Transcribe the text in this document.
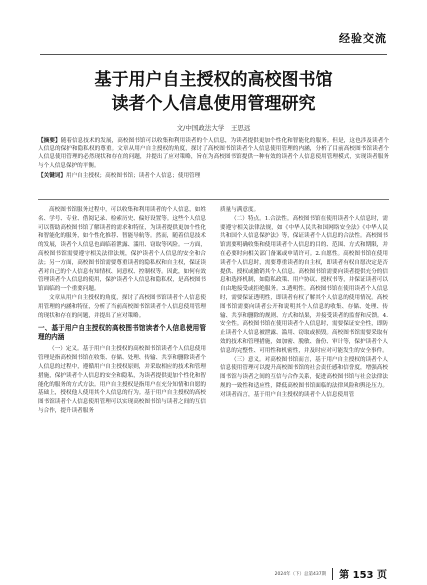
经验交流
基于用户自主授权的高校图书馆
读者个人信息使用管理研究
文/中国政法大学　王思远
【摘要】随着信息技术的发展，高校图书馆可以收集和利用读者的个人信息，为读者提供更加个性化和智能化的服务。但是，这也涉及读者个人信息的保护和隐私权的尊重。文章从用户自主授权的角度，探讨了高校图书馆读者个人信息使用管理的内涵，分析了目前高校图书馆读者个人信息使用管理的必然现状和存在的问题，并提出了应对策略，旨在为高校图书馆提供一种有效的读者个人信息使用管理模式，实现读者服务与个人信息保护的平衡。
【关键词】用户自主授权；高校图书馆；读者个人信息；使用管理

高校图书馆服务过程中，可以收集和利用读者的个人信息，如姓名、学号、专业、借阅记录、检索历史、偏好设置等。这些个人信息可以帮助高校图书馆了解读者的需求和特征，为读者提供更加个性化和智能化的服务，如个性化推荐、智能导航等。然而，随着信息技术的发展，读者个人信息也面临着泄露、滥用、窃取等风险。一方面，高校图书馆需要遵守相关法律法规，保护读者个人信息的安全和合法；另一方面，高校图书馆需要尊重读者的隐私权和自主权，保证读者对自己的个人信息有知情权、同意权、控制权等。因此，如何有效管理读者个人信息的使用，保护读者个人信息和隐私权，是高校图书馆面临的一个重要问题。

文章从用户自主授权的角度，探讨了高校图书馆读者个人信息使用管理的内涵和特征，分析了当前高校图书馆读者个人信息使用管理的现状和存在的问题，并提出了应对策略。

一、基于用户自主授权的高校图书馆读者个人信息使用管理的内涵

（一）定义。基于用户自主授权的高校图书馆读者个人信息使用管理是指高校图书馆在收集、存储、处理、传输、共享和删除读者个人信息的过程中，遵循用户自主授权原则，并采取相应的技术和管理措施，保护读者个人信息的安全和隐私，为读者提供更加个性化和智能化的服务的方式方法。用户自主授权是指用户在充分知情和自愿的基础上，授权他人使用其个人信息的行为。基于用户自主授权的高校图书馆读者个人信息使用管理可以实现高校图书馆与读者之间的互信与合作，提升读者服务

质量与满意度。

（二）特点。1.合法性。高校图书馆在使用读者个人信息时，需要遵守相关法律法规，如《中华人民共和国网络安全法》《中华人民共和国个人信息保护法》等，保证读者个人信息的合法性。高校图书馆需要明确收集和使用读者个人信息的目的、范围、方式和期限，并在必要时向相关部门备案或申请许可。2.自愿性。高校图书馆在使用读者个人信息时，需要尊重读者的自主权，即读者有权自愿决定是否提供、授权或撤销其个人信息。高校图书馆需要向读者提供充分的信息和选择机制，如隐私政策、用户协议、授权书等，并保证读者可以自由地接受或拒绝服务。3.透明性。高校图书馆在使用读者个人信息时，需要保证透明性，即读者有权了解其个人信息的使用情况。高校图书馆需要向读者公开和说明其个人信息的收集、存储、处理、传输、共享和删除的规则、方式和结果，并接受读者的监督和反馈。4.安全性。高校图书馆在使用读者个人信息时，需要保证安全性，即防止读者个人信息被泄露、滥用、窃取或损毁。高校图书馆需要采取有效的技术和管理措施，如加密、脱敏、备份、审计等，保护读者个人信息的完整性、可用性和机密性，并及时应对可能发生的安全事件。

（三）意义。对高校图书馆而言，基于用户自主授权的读者个人信息使用管理可以提升高校图书馆的社会责任感和信誉度，增强高校图书馆与读者之间的互信与合作关系，促进高校图书馆与社会法律法规的一致性和适应性，降低高校图书馆面临的法律风险和舆论压力。对读者而言，基于用户自主授权的读者个人信息使用管

2024年（下）总第437期 第 153 页
